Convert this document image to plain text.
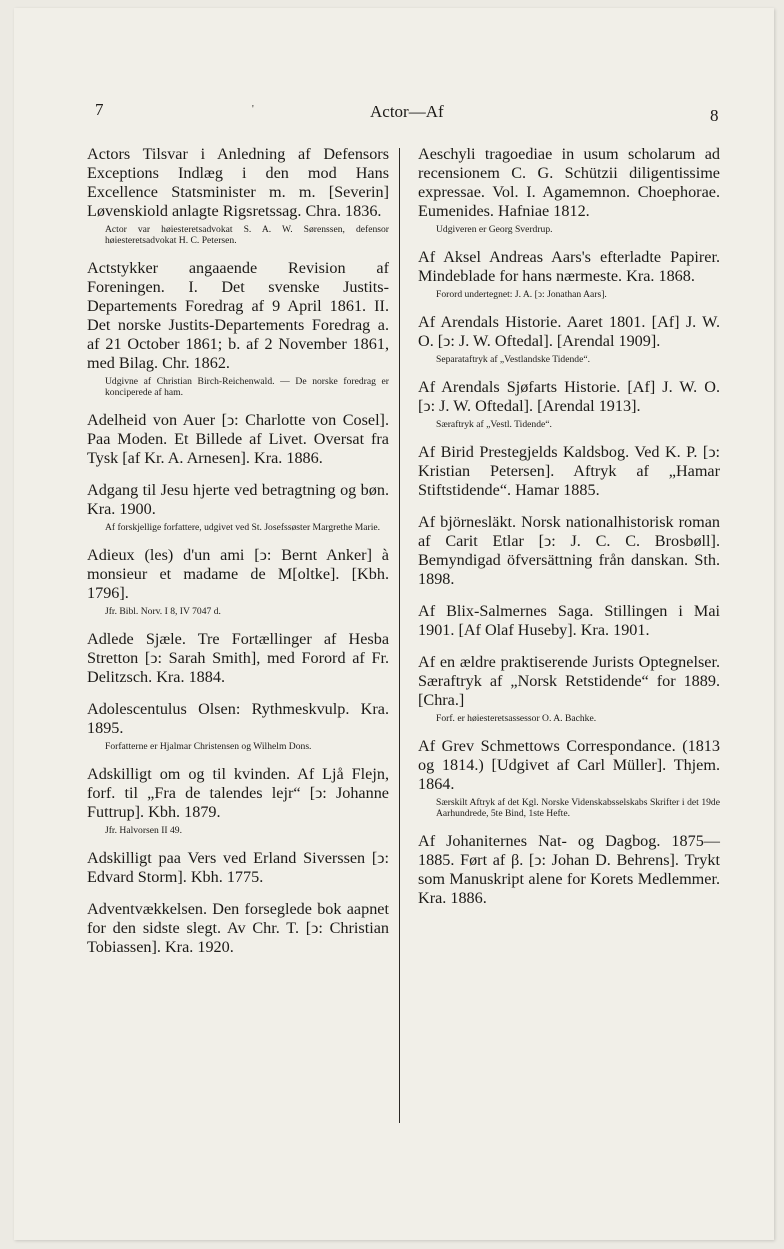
7	'	Actor—Af	8
Actors Tilsvar i Anledning af Defensors Exceptions Indlæg i den mod Hans Excellence Statsminister m. m. [Severin] Løvenskiold anlagte Rigsretssag. Chra. 1836.
Actor var høiesteretsadvokat S. A. W. Sørenssen, defensor høiesteretsadvokat H. C. Petersen.
Actstykker angaaende Revision af Foreningen. I. Det svenske Justits-Departements Foredrag af 9 April 1861. II. Det norske Justits-Departements Foredrag a. af 21 October 1861; b. af 2 November 1861, med Bilag. Chr. 1862.
Udgivne af Christian Birch-Reichenwald. — De norske foredrag er konciperede af ham.
Adelheid von Auer [ↄ: Charlotte von Cosel]. Paa Moden. Et Billede af Livet. Oversat fra Tysk [af Kr. A. Arnesen]. Kra. 1886.
Adgang til Jesu hjerte ved betragtning og bøn. Kra. 1900.
Af forskjellige forfattere, udgivet ved St. Josefssøster Margrethe Marie.
Adieux (les) d'un ami [ↄ: Bernt Anker] à monsieur et madame de M[oltke]. [Kbh. 1796].
Jfr. Bibl. Norv. I 8, IV 7047 d.
Adlede Sjæle. Tre Fortællinger af Hesba Stretton [ↄ: Sarah Smith], med Forord af Fr. Delitzsch. Kra. 1884.
Adolescentulus Olsen: Rythmeskvulp. Kra. 1895.
Forfatterne er Hjalmar Christensen og Wilhelm Dons.
Adskilligt om og til kvinden. Af Ljå Flejn, forf. til „Fra de talendes lejr“ [ↄ: Johanne Futtrup]. Kbh. 1879.
Jfr. Halvorsen II 49.
Adskilligt paa Vers ved Erland Siverssen [ↄ: Edvard Storm]. Kbh. 1775.
Adventvækkelsen. Den forseglede bok aapnet for den sidste slegt. Av Chr. T. [ↄ: Christian Tobiassen]. Kra. 1920.
Aeschyli tragoediae in usum scholarum ad recensionem C. G. Schützii diligentissime expressae. Vol. I. Agamemnon. Choephorae. Eumenides. Hafniae 1812.
Udgiveren er Georg Sverdrup.
Af Aksel Andreas Aars's efterladte Papirer. Mindeblade for hans nærmeste. Kra. 1868.
Forord undertegnet: J. A. [ↄ: Jonathan Aars].
Af Arendals Historie. Aaret 1801. [Af] J. W. O. [ↄ: J. W. Oftedal]. [Arendal 1909].
Separataftryk af „Vestlandske Tidende“.
Af Arendals Sjøfarts Historie. [Af] J. W. O. [ↄ: J. W. Oftedal]. [Arendal 1913].
Særaftryk af „Vestl. Tidende“.
Af Birid Prestegjelds Kaldsbog. Ved K. P. [ↄ: Kristian Petersen]. Aftryk af „Hamar Stiftstidende“. Hamar 1885.
Af björnesläkt. Norsk nationalhistorisk roman af Carit Etlar [ↄ: J. C. C. Brosbøll]. Bemyndigad öfversättning från danskan. Sth. 1898.
Af Blix-Salmernes Saga. Stillingen i Mai 1901. [Af Olaf Huseby]. Kra. 1901.
Af en ældre praktiserende Jurists Optegnelser. Særaftryk af „Norsk Retstidende“ for 1889. [Chra.]
Forf. er høiesteretsassessor O. A. Bachke.
Af Grev Schmettows Correspondance. (1813 og 1814.) [Udgivet af Carl Müller]. Thjem. 1864.
Særskilt Aftryk af det Kgl. Norske Videnskabsselskabs Skrifter i det 19de Aarhundrede, 5te Bind, 1ste Hefte.
Af Johaniternes Nat- og Dagbog. 1875—1885. Ført af β. [ↄ: Johan D. Behrens]. Trykt som Manuskript alene for Korets Medlemmer. Kra. 1886.
